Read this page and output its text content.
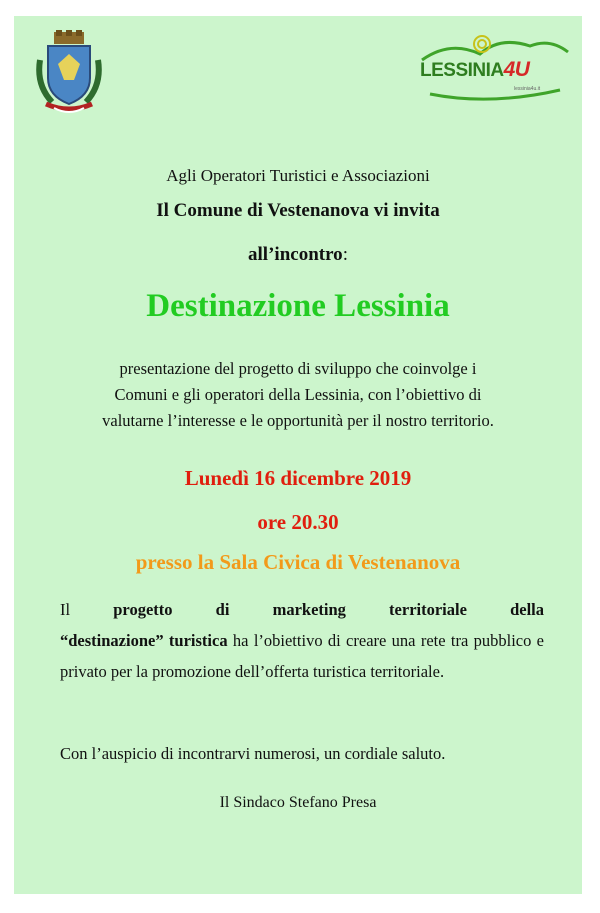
LESSINIA4U
lessinia4u.it
Agli Operatori Turistici e Associazioni
Il Comune di Vestenanova vi invita
all’incontro:
Destinazione Lessinia
presentazione del progetto di sviluppo che coinvolge i
Comuni e gli operatori della Lessinia, con l’obiettivo di
valutarne l’interesse e le opportunità per il nostro territorio.
Lunedì 16 dicembre 2019
ore 20.30
presso la Sala Civica di Vestenanova
Il	progetto di marketing territoriale della
“destinazione” turistica ha l’obiettivo di creare una rete tra pubblico e privato per la promozione dell’offerta turistica territoriale.
Con l’auspicio di incontrarvi numerosi, un cordiale saluto.
Il Sindaco Stefano Presa
